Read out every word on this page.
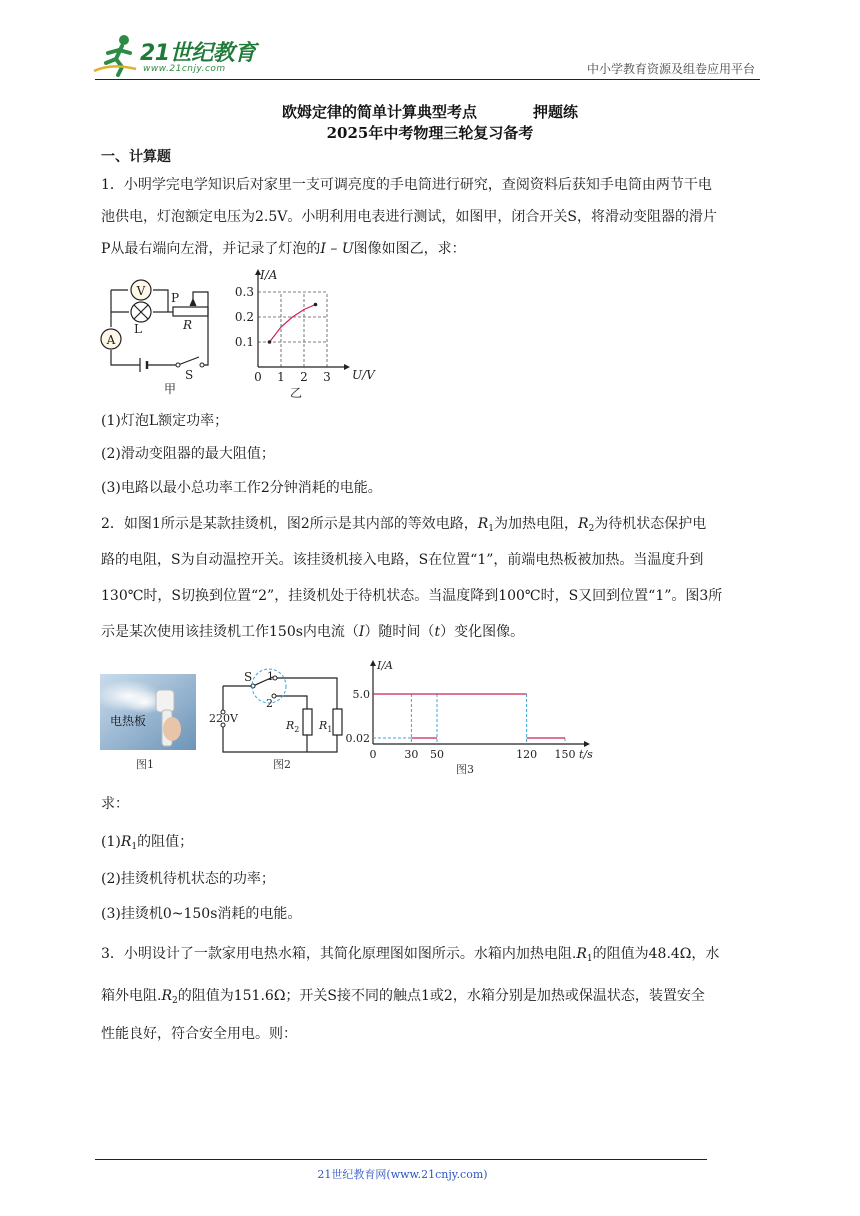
21世纪教育
www.21cnjy.com	中小学教育资源及组卷应用平台
欧姆定律的简单计算典型考点	押题练
2025年中考物理三轮复习备考
一、计算题
1．小明学完电学知识后对家里一支可调亮度的手电筒进行研究，查阅资料后获知手电筒由两节干电
池供电，灯泡额定电压为2.5V。小明利用电表进行测试，如图甲，闭合开关S，将滑动变阻器的滑片
P从最右端向左滑，并记录了灯泡的I – U图像如图乙，求：
V
L
A
P
R
S
甲
I/A
U/V
0.1
0.2
0.3
0 1 2 3
乙
(1)灯泡L额定功率；
(2)滑动变阻器的最大阻值；
(3)电路以最小总功率工作2分钟消耗的电能。
2．如图1所示是某款挂烫机，图2所示是其内部的等效电路，$R_1$为加热电阻，$R_2$为待机状态保护电
路的电阻，S为自动温控开关。该挂烫机接入电路，S在位置“1”，前端电热板被加热。当温度升到
130℃时，S切换到位置“2”，挂烫机处于待机状态。当温度降到100℃时，S又回到位置“1”。图3所
示是某次使用该挂烫机工作150s内电流（I）随时间（t）变化图像。
电热板
图1
S 1
2
220V
$R_2$ $R_1$
图2
I/A
t/s
0.02
5.0
0	30 50	120 150
图3
求：
$(1)R_1$的阻值；
(2)挂烫机待机状态的功率；
(3)挂烫机0~150s消耗的电能。
3．小明设计了一款家用电热水箱，其简化原理图如图所示。水箱内加热电阻$.R_1$的阻值为48.4Ω，水
箱外电阻$.R_2$的阻值为151.6Ω；开关S接不同的触点1或2，水箱分别是加热或保温状态，装置安全
性能良好，符合安全用电。则：
21世纪教育网(www.21cnjy.com)
